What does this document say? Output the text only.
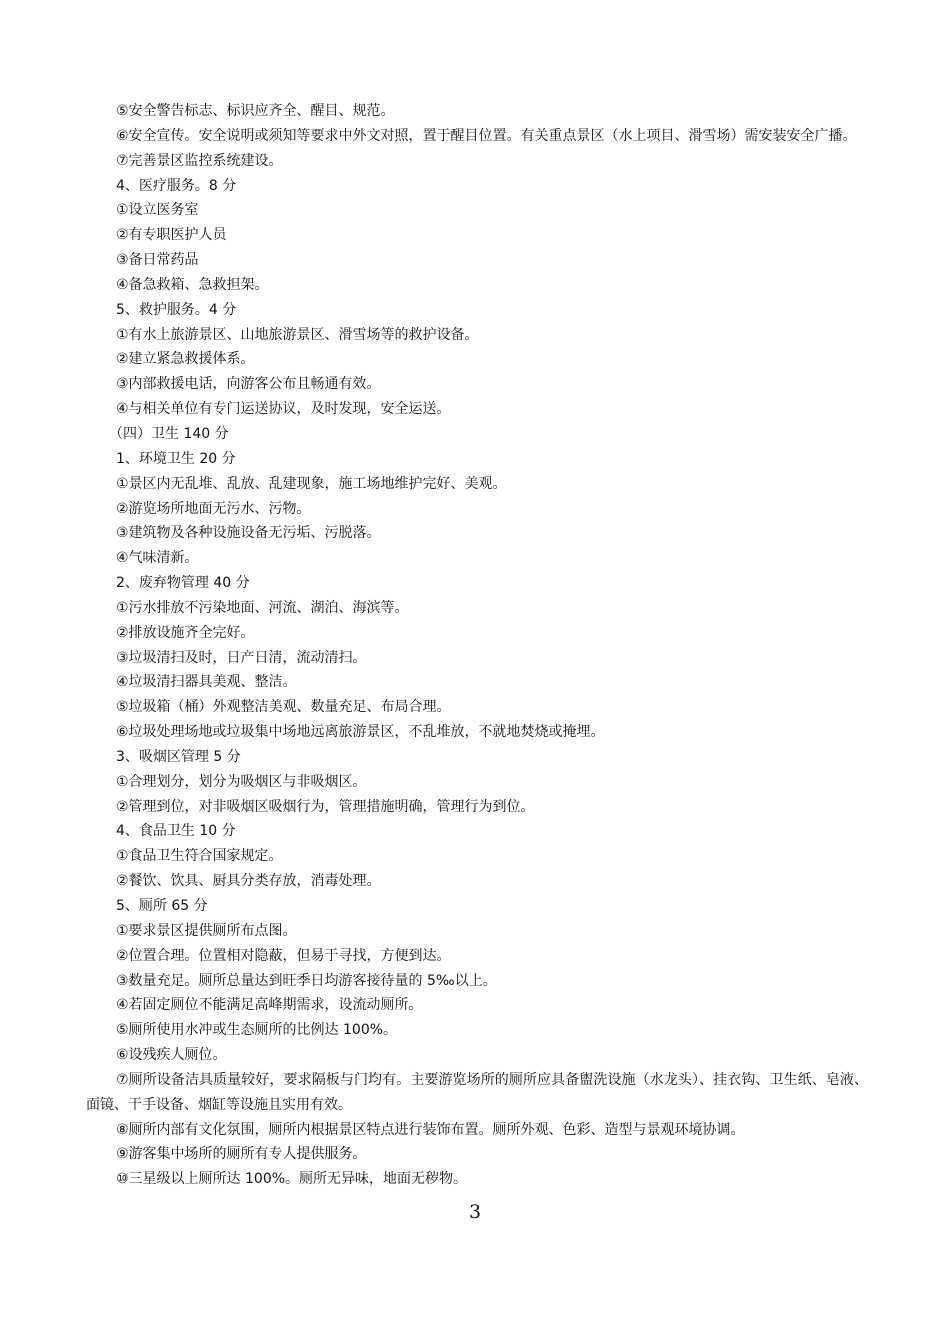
⑤安全警告标志、标识应齐全、醒目、规范。

⑥安全宣传。安全说明或须知等要求中外文对照，置于醒目位置。有关重点景区（水上项目、滑雪场）需安装安全广播。

⑦完善景区监控系统建设。

4、医疗服务。8 分

①设立医务室

②有专职医护人员

③备日常药品

④备急救箱、急救担架。

5、救护服务。4 分

①有水上旅游景区、山地旅游景区、滑雪场等的救护设备。

②建立紧急救援体系。

③内部救援电话，向游客公布且畅通有效。

④与相关单位有专门运送协议，及时发现，安全运送。

（四）卫生 140 分

1、环境卫生 20 分

①景区内无乱堆、乱放、乱建现象，施工场地维护完好、美观。

②游览场所地面无污水、污物。

③建筑物及各种设施设备无污垢、污脱落。

④气味清新。

2、废弃物管理 40 分

①污水排放不污染地面、河流、湖泊、海滨等。

②排放设施齐全完好。

③垃圾清扫及时，日产日清，流动清扫。

④垃圾清扫器具美观、整洁。

⑤垃圾箱（桶）外观整洁美观、数量充足、布局合理。

⑥垃圾处理场地或垃圾集中场地远离旅游景区，不乱堆放，不就地焚烧或掩埋。

3、吸烟区管理 5 分

①合理划分，划分为吸烟区与非吸烟区。

②管理到位，对非吸烟区吸烟行为，管理措施明确，管理行为到位。

4、食品卫生 10 分

①食品卫生符合国家规定。

②餐饮、饮具、厨具分类存放，消毒处理。

5、厕所 65 分

①要求景区提供厕所布点图。

②位置合理。位置相对隐蔽，但易于寻找，方便到达。

③数量充足。厕所总量达到旺季日均游客接待量的 5‰以上。

④若固定厕位不能满足高峰期需求，设流动厕所。

⑤厕所使用水冲或生态厕所的比例达 100%。

⑥设残疾人厕位。

⑦厕所设备洁具质量较好，要求隔板与门均有。主要游览场所的厕所应具备盥洗设施（水龙头）、挂衣钩、卫生纸、皂液、面镜、干手设备、烟缸等设施且实用有效。

⑧厕所内部有文化氛围，厕所内根据景区特点进行装饰布置。厕所外观、色彩、造型与景观环境协调。

⑨游客集中场所的厕所有专人提供服务。

⑩三星级以上厕所达 100%。厕所无异味，地面无秽物。

3
